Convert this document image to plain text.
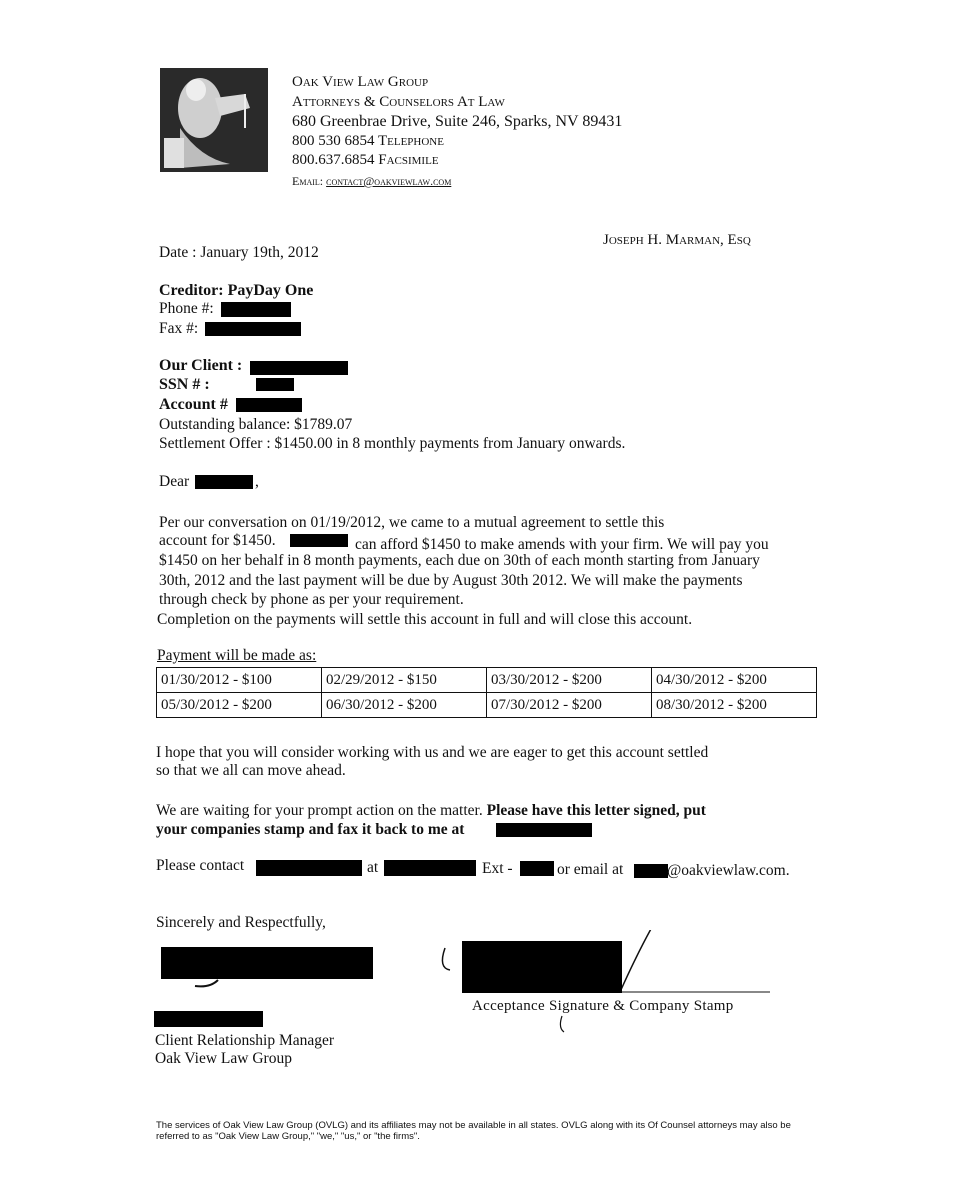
Oak View Law Group
Attorneys & Counselors At Law
680 Greenbrae Drive, Suite 246, Sparks, NV 89431
800 530 6854 Telephone
800.637.6854 Facsimile
Email: contact@oakviewlaw.com
Joseph H. Marman, Esq
Date : January 19th, 2012
Creditor: PayDay One
Phone #:
Fax #:
Our Client :
SSN # :
Account #
Outstanding balance: $1789.07
Settlement Offer : $1450.00 in 8 monthly payments from January onwards.
Dear	,
Per our conversation on 01/19/2012, we came to a mutual agreement to settle this
account for $1450.	can afford $1450 to make amends with your firm. We will pay you
$1450 on her behalf in 8 month payments, each due on 30th of each month starting from January
30th, 2012 and the last payment will be due by August 30th 2012. We will make the payments
through check by phone as per your requirement.
Completion on the payments will settle this account in full and will close this account.
Payment will be made as:
01/30/2012 - $100	02/29/2012 - $150	03/30/2012 - $200	04/30/2012 - $200
05/30/2012 - $200	06/30/2012 - $200	07/30/2012 - $200	08/30/2012 - $200
I hope that you will consider working with us and we are eager to get this account settled
so that we all can move ahead.
We are waiting for your prompt action on the matter. Please have this letter signed, put
your companies stamp and fax it back to me at
Please contact	at	Ext -	or email at	@oakviewlaw.com.
Sincerely and Respectfully,
Acceptance Signature & Company Stamp
Client Relationship Manager
Oak View Law Group
The services of Oak View Law Group (OVLG) and its affiliates may not be available in all states. OVLG along with its Of Counsel attorneys may also be referred to as "Oak View Law Group," "we," "us," or "the firms".
